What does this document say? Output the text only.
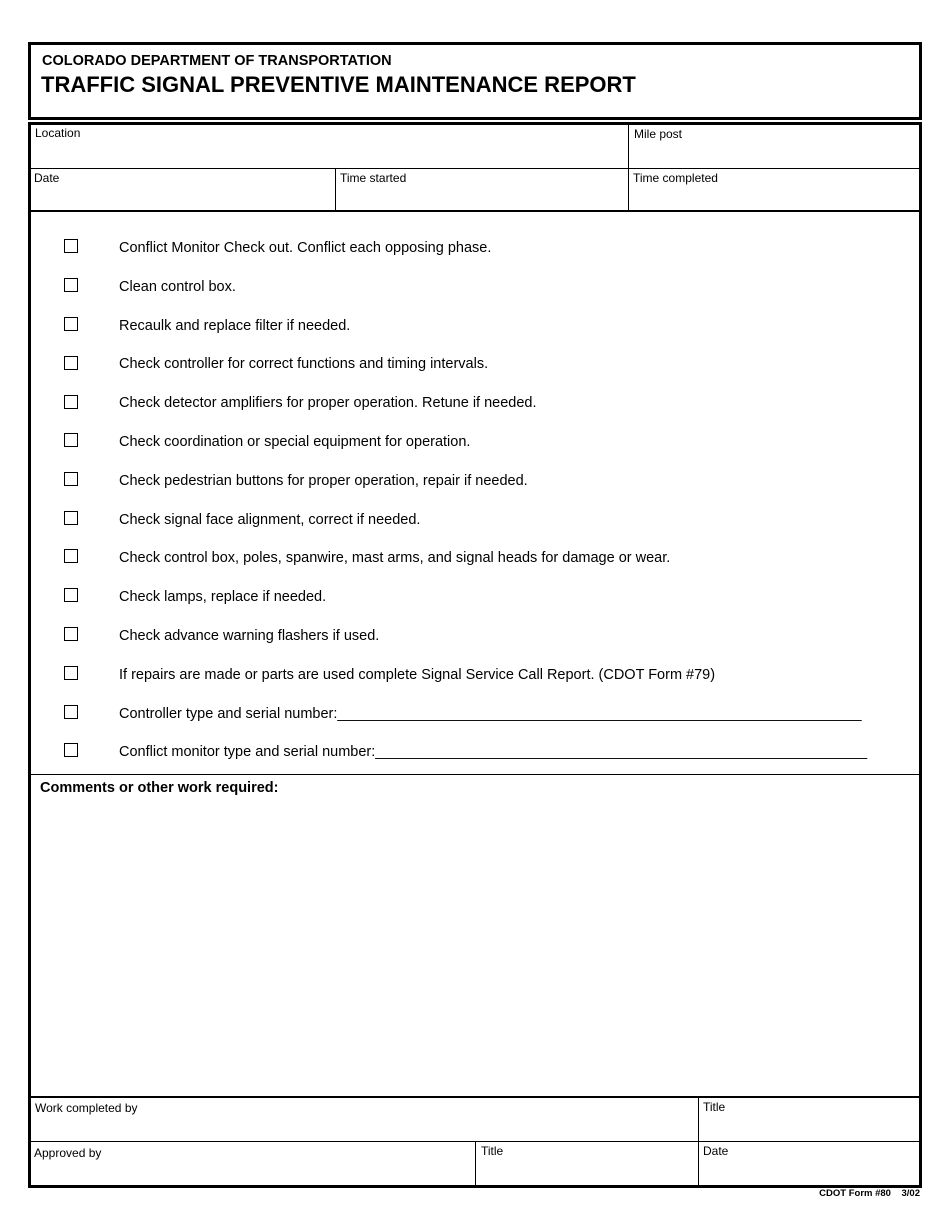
COLORADO DEPARTMENT OF TRANSPORTATION
TRAFFIC SIGNAL PREVENTIVE MAINTENANCE REPORT
Location	Mile post
Date	Time started	Time completed
Conflict Monitor Check out. Conflict each opposing phase.
Clean control box.
Recaulk and replace filter if needed.
Check controller for correct functions and timing intervals.
Check detector amplifiers for proper operation. Retune if needed.
Check coordination or special equipment for operation.
Check pedestrian buttons for proper operation, repair if needed.
Check signal face alignment, correct if needed.
Check control box, poles, spanwire, mast arms, and signal heads for damage or wear.
Check lamps, replace if needed.
Check advance warning flashers if used.
If repairs are made or parts are used complete Signal Service Call Report. (CDOT Form #79)
Controller type and serial number:_________________________________________________________________
Conflict monitor type and serial number:_____________________________________________________________
Comments or other work required:
Work completed by	Title
Approved by	Title	Date
CDOT Form #80    3/02
